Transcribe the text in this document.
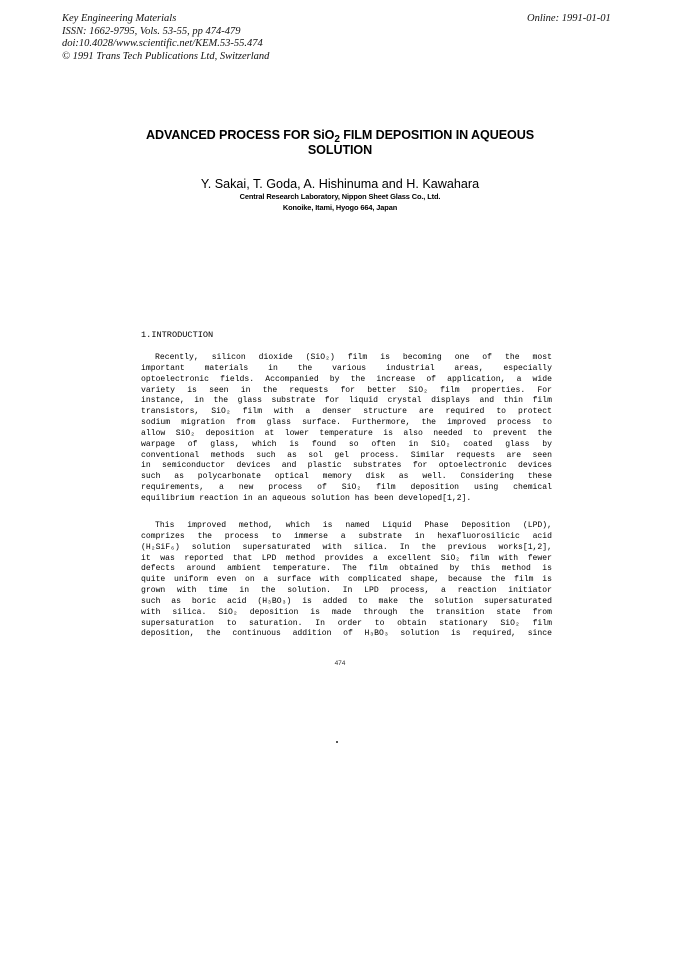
Key Engineering Materials
ISSN: 1662-9795, Vols. 53-55, pp 474-479
doi:10.4028/www.scientific.net/KEM.53-55.474
© 1991 Trans Tech Publications Ltd, Switzerland
Online: 1991-01-01
ADVANCED PROCESS FOR SiO$_2$ FILM DEPOSITION IN AQUEOUS
SOLUTION
Y. Sakai, T. Goda, A. Hishinuma and H. Kawahara
Central Research Laboratory, Nippon Sheet Glass Co., Ltd.
Konoike, Itami, Hyogo 664, Japan
1.INTRODUCTION
Recently, silicon dioxide (SiO₂) film is becoming one of the most
important materials in the various industrial areas, especially
optoelectronic fields. Accompanied by the increase of application, a wide
variety is seen in the requests for better SiO₂ film properties. For
instance, in the glass substrate for liquid crystal displays and thin film
transistors, SiO₂ film with a denser structure are required to protect
sodium migration from glass surface. Furthermore, the improved process to
allow SiO₂ deposition at lower temperature is also needed to prevent the
warpage of glass, which is found so often in SiO₂ coated glass by
conventional methods such as sol gel process. Similar requests are seen
in semiconductor devices and plastic substrates for optoelectronic devices
such as polycarbonate optical memory disk as well. Considering these
requirements, a new process of SiO₂ film deposition using chemical
equilibrium reaction in an aqueous solution has been developed[1,2].
This improved method, which is named Liquid Phase Deposition (LPD),
comprizes the process to immerse a substrate in hexafluorosilicic acid
(H₂SiF₆) solution supersaturated with silica. In the previous works[1,2],
it was reported that LPD method provides a excellent SiO₂ film with fewer
defects around ambient temperature. The film obtained by this method is
quite uniform even on a surface with complicated shape, because the film is
grown with time in the solution. In LPD process, a reaction initiator
such as boric acid (H₃BO₃) is added to make the solution supersaturated
with silica. SiO₂ deposition is made through the transition state from
supersaturation to saturation. In order to obtain stationary SiO₂ film
deposition, the continuous addition of H₃BO₃ solution is required, since
474
